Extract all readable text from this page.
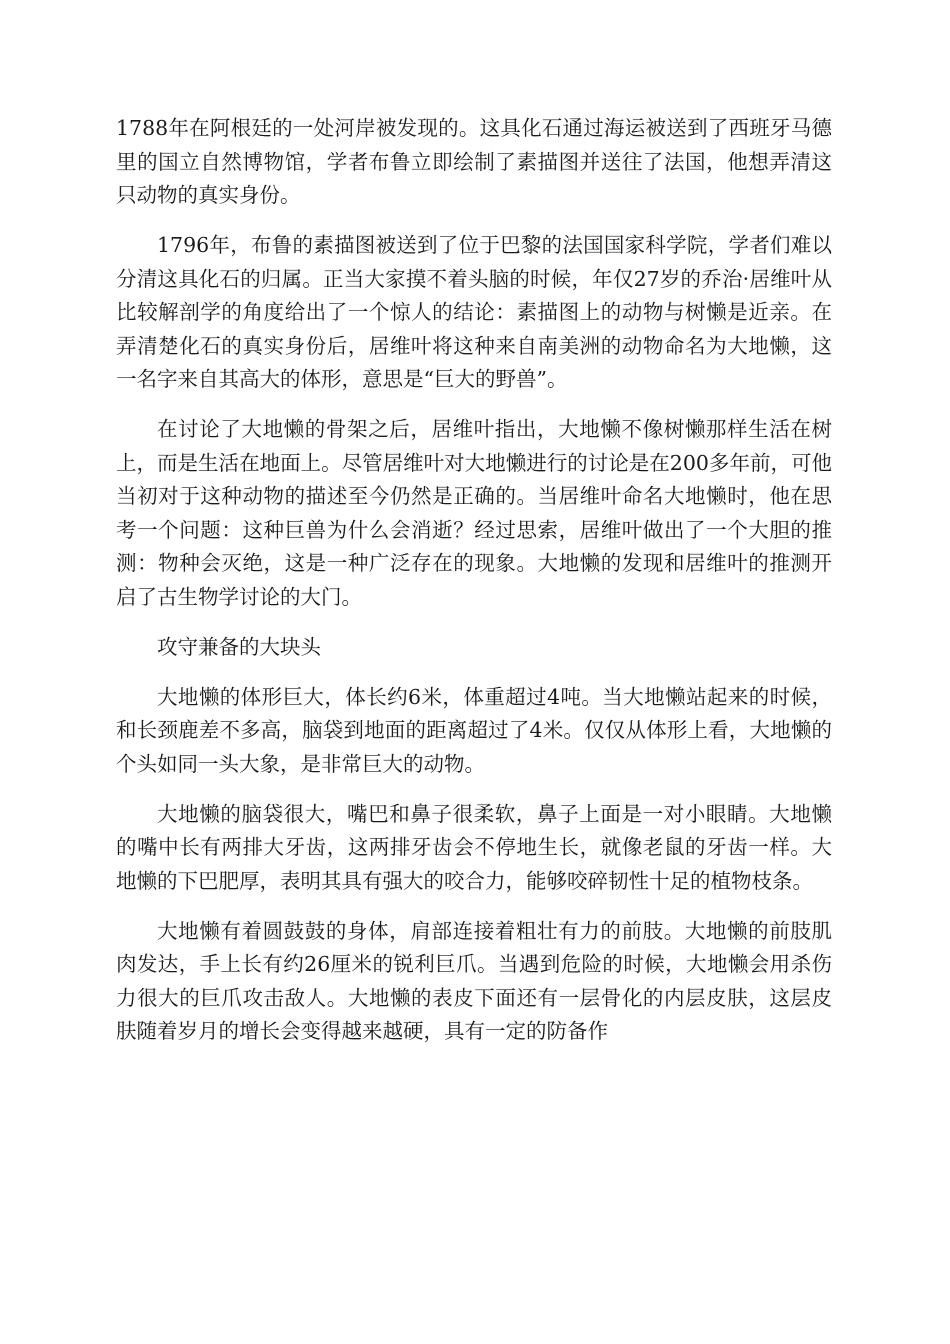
1788年在阿根廷的一处河岸被发现的。这具化石通过海运被送到了西班牙马德里的国立自然博物馆，学者布鲁立即绘制了素描图并送往了法国，他想弄清这只动物的真实身份。

1796年，布鲁的素描图被送到了位于巴黎的法国国家科学院，学者们难以分清这具化石的归属。正当大家摸不着头脑的时候，年仅27岁的乔治·居维叶从比较解剖学的角度给出了一个惊人的结论：素描图上的动物与树懒是近亲。在弄清楚化石的真实身份后，居维叶将这种来自南美洲的动物命名为大地懒，这一名字来自其高大的体形，意思是“巨大的野兽”。

在讨论了大地懒的骨架之后，居维叶指出，大地懒不像树懒那样生活在树上，而是生活在地面上。尽管居维叶对大地懒进行的讨论是在200多年前，可他当初对于这种动物的描述至今仍然是正确的。当居维叶命名大地懒时，他在思考一个问题：这种巨兽为什么会消逝？经过思索，居维叶做出了一个大胆的推测：物种会灭绝，这是一种广泛存在的现象。大地懒的发现和居维叶的推测开启了古生物学讨论的大门。

攻守兼备的大块头

大地懒的体形巨大，体长约6米，体重超过4吨。当大地懒站起来的时候，和长颈鹿差不多高，脑袋到地面的距离超过了4米。仅仅从体形上看，大地懒的个头如同一头大象，是非常巨大的动物。

大地懒的脑袋很大，嘴巴和鼻子很柔软，鼻子上面是一对小眼睛。大地懒的嘴中长有两排大牙齿，这两排牙齿会不停地生长，就像老鼠的牙齿一样。大地懒的下巴肥厚，表明其具有强大的咬合力，能够咬碎韧性十足的植物枝条。

大地懒有着圆鼓鼓的身体，肩部连接着粗壮有力的前肢。大地懒的前肢肌肉发达，手上长有约26厘米的锐利巨爪。当遇到危险的时候，大地懒会用杀伤力很大的巨爪攻击敌人。大地懒的表皮下面还有一层骨化的内层皮肤，这层皮肤随着岁月的增长会变得越来越硬，具有一定的防备作
